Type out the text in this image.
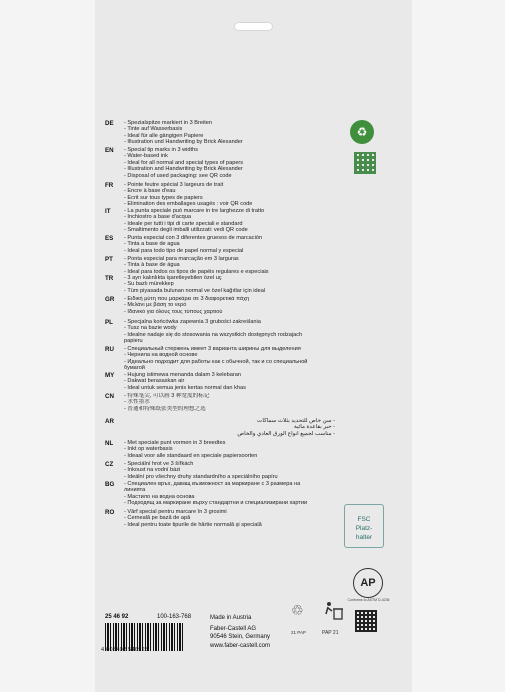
♻
DE	- Spezialspitze markiert in 3 Breiten
- Tinte auf Wasserbasis
- Ideal für alle gängigen Papiere
- Illustration und Handwriting by Brick Alexander
EN	- Special tip marks in 3 widths
- Water-based ink
- Ideal for all normal and special types of papers
- Illustration and Handwriting by Brick Alexander
- Disposal of used packaging: see QR code
FR	- Pointe feutre spécial 3 largeurs de trait
- Encre à base d'eau
- Écrit sur tous types de papiers
- Élimination des emballages usagés : voir QR code
IT	- La punta speciale può marcare in tre larghezze di tratto
- Inchiostro a base d'acqua
- Ideale per tutti i tipi di carte speciali e standard
- Smaltimento degli imballi utilizzati: vedi QR code
ES	- Punta especial con 3 diferentes gruesos de marcación
- Tinta a base de agua
- Ideal para todo tipo de papel normal y especial
PT	- Ponta especial para marcação em 3 larguras
- Tinta à base de água
- Ideal para todos os tipos de papéis regulares e especiais
TR	- 3 ayrı kalınlıkta işaretleyebilen özel uç
- Su bazlı mürekkep
- Tüm piyasada bulunan normal ve özel kağıtlar için ideal
GR	- Ειδική μύτη που μαρκάρει σε 3 διαφορετικά πάχη
- Μελάνι με βάση το νερό
- Ιδανικό για όλους τους τύπους χαρτιού
PL	- Specjalna końcówka zapewnia 3 grubości zakreślania
- Tusz na bazie wody
- Idealne nadaje się do stosowania na wszystkich dostępnych rodzajach
papieru
RU	- Специальный стержень имеет 3 варианта ширины для выделения
- Чернила на водной основе
- Идеально подходит для работы как с обычной, так и со специальной
бумагой
MY	- Hujung istimewa menanda dalam 3 kelebaran
- Dakwat berasaskan air
- Ideal untuk semua jenis kertas normal dan khas
CN	- 特殊笔尖, 可以画 3 种宽度的标记
- 水性墨水
- 普通和特殊纸张类型的理想之选
AR	- سن خاص للتحديد بثلاث سماكات
- حبر بقاعدة مائية
- مناسب لجميع أنواع الورق العادي والخاص
NL	- Met speciale punt vormen in 3 breedtes
- Inkt op waterbasis
- Ideaal voor alle standaard en speciale papiersoorten
CZ	- Speciální hrot ve 3 šířkách
- Inkoust na vodní bázi
- Ideální pro všechny druhy standardního a speciálního papíru
BG	- Специален връх, даващ възможност за маркиране с 3 размера на
линията
- Мастило на водна основа
- Подходящ за маркиране върху стандартни и специализирани хартии
RO	- Vârf special pentru marcare în 3 grosimi
- Cerneală pe bază de apă
- Ideal pentru toate tipurile de hârtie normală și specială
FSC
Platz-
halter
AP
Conforms to ASTM D-4236
25 46 92	100-163-768	Made in Austria
Faber-Castell AG
90546 Stein, Germany
www.faber-castell.com
4 005402 546923
♲
21 PAP	PAP 21
